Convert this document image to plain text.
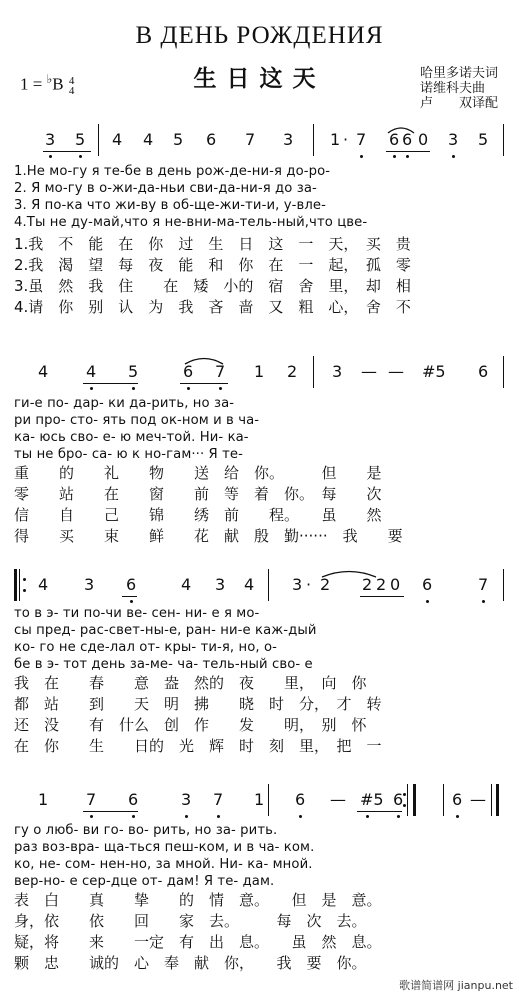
В ДЕНЬ РОЖДЕНИЯ
生日这天
1 = ♭B 4
4
哈里多诺夫词
诺维科夫曲
卢　　双译配
3 5 4 4 5 6 7 3 1 · 7 6 6 0 3 5
1.Не мо-гу я те-бе в день рож-де-ни-я до-ро-
2. Я мо-гу в о-жи-да-ньи сви-да-ни-я до за-
3. Я по-ка что жи-ву в об-ще-жи-ти-и, у-вле-
4.Ты не ду-май,что я не-вни-ма-тель-ный,что цве-
1.我　不　能　在　你　过　生　日　这　一　天，　买　贵
2.我　渴　望　每　夜　能　和　你　在　一　起，　孤　零
3.虽　然　我　住　　在　矮　小的　宿　舍　里，　却　相
4.请　你　别　认　为　我　吝　啬　又　粗　心，　舍　不
4 4 5	6 7 1 2 3 — — #5 6
ги-е по- дар- ки да-рить, но за-
ри про- сто- ять под ок-ном и в ча-
ка- юсь сво- е- ю меч-той. Ни- ка-
ты не бро- са- ю к но-гам··· Я те-
重　　的　　礼　　物　　送　给　你。　　　但　　是
零　　站　　在　　窗　　前　等　着　你。　每　　次
信　　自　　己　　锦　　绣　前　　程。　　虽　　然
得　　买　　束　　鲜　　花　献　殷　勤······　我　　要
4 3 6	4 3 4 3 · 2 2 2 0 6	7
то в э- ти по-чи ве- сен- ни- е я мо-
сы пред- рас-свет-ны-е, ран- ни-е каж-дый
ко- го не сде-лал от- кры- ти-я, но, о-
бе в э- тот день за-ме- ча- тель-ный сво- е
我　在　　春　　意　盎　然的　夜　　里，　向　你
都　站　　到　　天　明　拂　　晓　时　分，　才　转
还　没　　有　什么　创　作　　发　　明，　别　怀
在　你　　生　　日的　光　辉　时　刻　里，　把　一
1 7 6	3 7 1 6 — #5 6	6 —
гу о люб- ви го- во- рить, но за- рить.
раз воз-вра- ща-ться пеш-ком, и в ча- ком.
ко, не- сом- нен-но, за мной. Ни- ка- мной.
вер-но- е сер-дце от- дам! Я те- дам.
表　白　　真　　挚　　的　情　意。　　但　是　意。
身，依　　依　　回　　家　去。　　　每　次　去。
疑，将　　来　　一定　有　出　息。　　虽　然　息。
颗　忠　　诚的　心　奉　献　你，　　我　要　你。
歌谱简谱网 jianpu.net
